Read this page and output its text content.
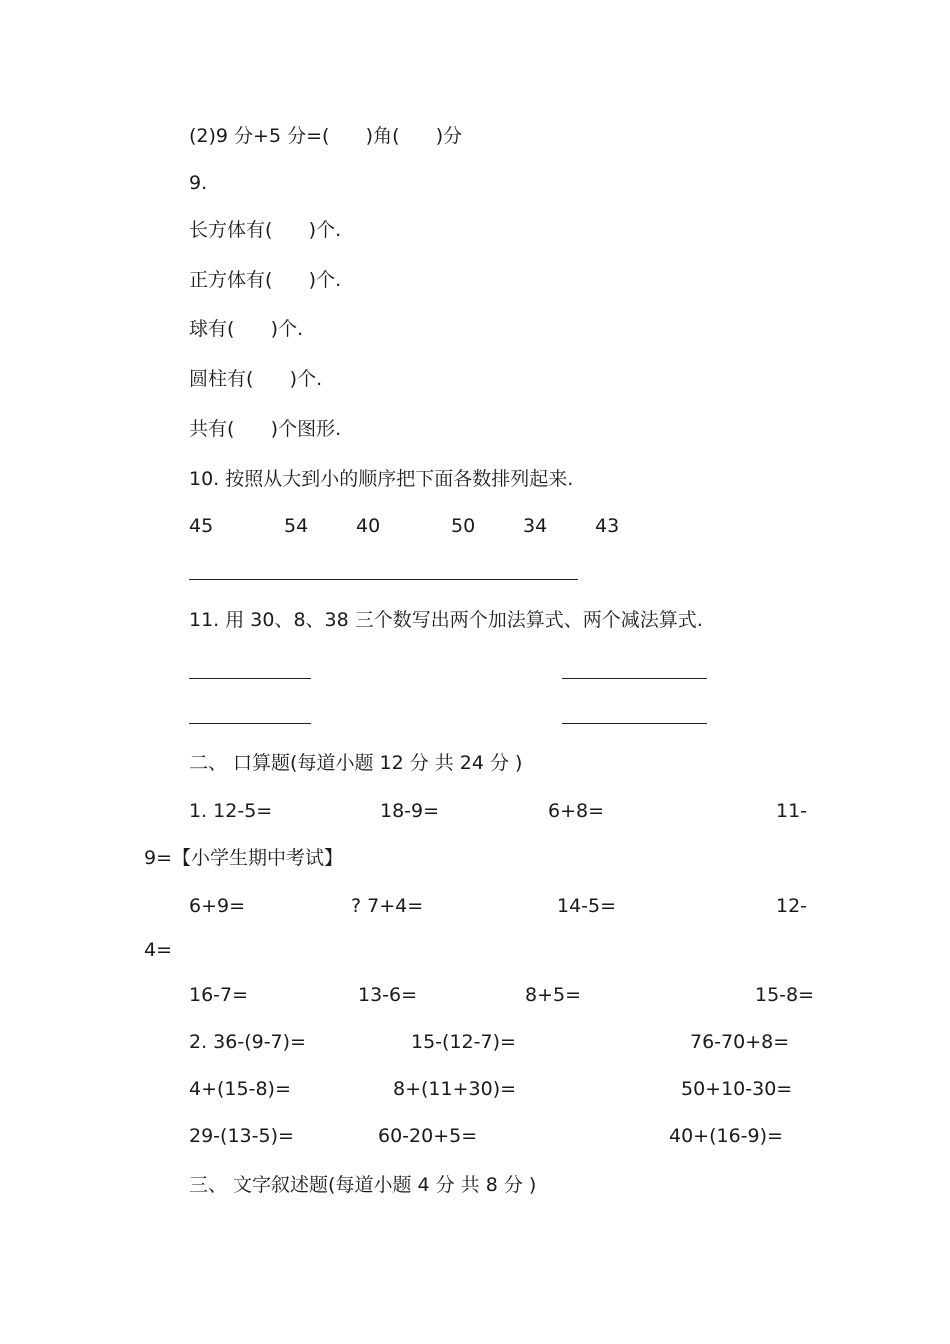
(2)9 分+5 分=(      )角(      )分
9.
长方体有(      )个.
正方体有(      )个.
球有(      )个.
圆柱有(      )个.
共有(      )个图形.
10. 按照从大到小的顺序把下面各数排列起来.
45	54	40	50	34	43
11. 用 30、8、38 三个数写出两个加法算式、两个减法算式.
二、 口算题(每道小题 12 分 共 24 分 )
1. 12-5=	18-9=	6+8=	11-
9=【小学生期中考试】
6+9=	? 7+4=	14-5=	12-
4=
16-7=	13-6=	8+5=	15-8=
2. 36-(9-7)=	15-(12-7)=	76-70+8=
4+(15-8)=	8+(11+30)=	50+10-30=
29-(13-5)=	60-20+5=	40+(16-9)=
三、 文字叙述题(每道小题 4 分 共 8 分 )
